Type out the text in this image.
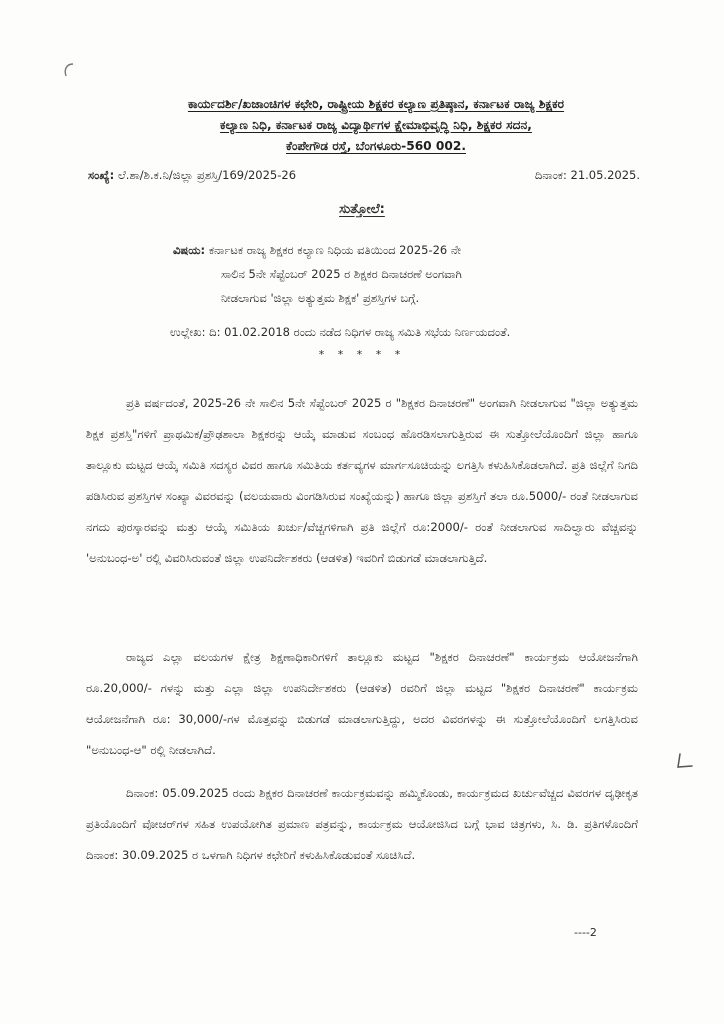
ಕಾರ್ಯದರ್ಶಿ/ಖಜಾಂಚಿಗಳ ಕಛೇರಿ, ರಾಷ್ಟ್ರೀಯ ಶಿಕ್ಷಕರ ಕಲ್ಯಾಣ ಪ್ರತಿಷ್ಠಾನ, ಕರ್ನಾಟಕ ರಾಜ್ಯ ಶಿಕ್ಷಕರ
ಕಲ್ಯಾಣ ನಿಧಿ, ಕರ್ನಾಟಕ ರಾಜ್ಯ ವಿದ್ಯಾರ್ಥಿಗಳ ಕ್ಷೇಮಾಭಿವೃದ್ಧಿ ನಿಧಿ, ಶಿಕ್ಷಕರ ಸದನ,
ಕೆಂಪೇಗೌಡ ರಸ್ತೆ, ಬೆಂಗಳೂರು-560 002.
ಸಂಖ್ಯೆ: ಲೆ.ಶಾ/ಶಿ.ಕ.ನಿ/ಜಿಲ್ಲಾ ಪ್ರಶಸ್ತಿ/169/2025-26	ದಿನಾಂಕ: 21.05.2025.
ಸುತ್ತೋಲೆ:
ವಿಷಯ: ಕರ್ನಾಟಕ ರಾಜ್ಯ ಶಿಕ್ಷಕರ ಕಲ್ಯಾಣ ನಿಧಿಯ ವತಿಯಿಂದ 2025-26 ನೇ
ಸಾಲಿನ 5ನೇ ಸೆಪ್ಟೆಂಬರ್ 2025 ರ ಶಿಕ್ಷಕರ ದಿನಾಚರಣೆ ಅಂಗವಾಗಿ
ನೀಡಲಾಗುವ 'ಜಿಲ್ಲಾ ಅತ್ಯುತ್ತಮ ಶಿಕ್ಷಕ' ಪ್ರಶಸ್ತಿಗಳ ಬಗ್ಗೆ.
ಉಲ್ಲೇಖ: ದಿ: 01.02.2018 ರಂದು ನಡೆದ ನಿಧಿಗಳ ರಾಜ್ಯ ಸಮಿತಿ ಸಭೆಯ ನಿರ್ಣಯದಂತೆ.
* * * * *

ಪ್ರತಿ ವರ್ಷದಂತೆ, 2025-26 ನೇ ಸಾಲಿನ 5ನೇ ಸೆಪ್ಟೆಂಬರ್ 2025 ರ "ಶಿಕ್ಷಕರ ದಿನಾಚರಣೆ" ಅಂಗವಾಗಿ ನೀಡಲಾಗುವ "ಜಿಲ್ಲಾ ಅತ್ಯುತ್ತಮ ಶಿಕ್ಷಕ ಪ್ರಶಸ್ತಿ"ಗಳಿಗೆ ಪ್ರಾಥಮಿಕ/ಪ್ರೌಢಶಾಲಾ ಶಿಕ್ಷಕರನ್ನು ಆಯ್ಕೆ ಮಾಡುವ ಸಂಬಂಧ ಹೊರಡಿಸಲಾಗುತ್ತಿರುವ ಈ ಸುತ್ತೋಲೆಯೊಂದಿಗೆ ಜಿಲ್ಲಾ ಹಾಗೂ ತಾಲ್ಲೂಕು ಮಟ್ಟದ ಆಯ್ಕೆ ಸಮಿತಿ ಸದಸ್ಯರ ವಿವರ ಹಾಗೂ ಸಮಿತಿಯ ಕರ್ತವ್ಯಗಳ ಮಾರ್ಗಸೂಚಿಯನ್ನು ಲಗತ್ತಿಸಿ ಕಳುಹಿಸಿಕೊಡಲಾಗಿದೆ. ಪ್ರತಿ ಜಿಲ್ಲೆಗೆ ನಿಗದಿ ಪಡಿಸಿರುವ ಪ್ರಶಸ್ತಿಗಳ ಸಂಖ್ಯಾ ವಿವರವನ್ನು (ವಲಯವಾರು ವಿಂಗಡಿಸಿರುವ ಸಂಖ್ಯೆಯನ್ನು) ಹಾಗೂ ಜಿಲ್ಲಾ ಪ್ರಶಸ್ತಿಗೆ ತಲಾ ರೂ.5000/- ರಂತೆ ನೀಡಲಾಗುವ ನಗದು ಪುರಸ್ಕಾರವನ್ನು ಮತ್ತು ಆಯ್ಕೆ ಸಮಿತಿಯ ಖರ್ಚು/ವೆಚ್ಚಗಳಿಗಾಗಿ ಪ್ರತಿ ಜಿಲ್ಲೆಗೆ ರೂ:2000/- ರಂತೆ ನೀಡಲಾಗುವ ಸಾದಿಲ್ವಾರು ವೆಚ್ಚವನ್ನು 'ಅನುಬಂಧ-ಅ' ರಲ್ಲಿ ವಿವರಿಸಿರುವಂತೆ ಜಿಲ್ಲಾ ಉಪನಿರ್ದೇಶಕರು (ಆಡಳಿತ) ಇವರಿಗೆ ಬಿಡುಗಡೆ ಮಾಡಲಾಗುತ್ತಿದೆ.

ರಾಜ್ಯದ ಎಲ್ಲಾ ವಲಯಗಳ ಕ್ಷೇತ್ರ ಶಿಕ್ಷಣಾಧಿಕಾರಿಗಳಿಗೆ ತಾಲ್ಲೂಕು ಮಟ್ಟದ "ಶಿಕ್ಷಕರ ದಿನಾಚರಣೆ" ಕಾರ್ಯಕ್ರಮ ಆಯೋಜನೆಗಾಗಿ ರೂ.20,000/- ಗಳನ್ನು ಮತ್ತು ಎಲ್ಲಾ ಜಿಲ್ಲಾ ಉಪನಿರ್ದೇಶಕರು (ಆಡಳಿತ) ರವರಿಗೆ ಜಿಲ್ಲಾ ಮಟ್ಟದ "ಶಿಕ್ಷಕರ ದಿನಾಚರಣೆ" ಕಾರ್ಯಕ್ರಮ ಆಯೋಜನೆಗಾಗಿ ರೂ: 30,000/-ಗಳ ಮೊತ್ತವನ್ನು ಬಿಡುಗಡೆ ಮಾಡಲಾಗುತ್ತಿದ್ದು, ಅದರ ವಿವರಗಳನ್ನು ಈ ಸುತ್ತೋಲೆಯೊಂದಿಗೆ ಲಗತ್ತಿಸಿರುವ "ಅನುಬಂಧ-ಆ" ರಲ್ಲಿ ನೀಡಲಾಗಿದೆ.

ದಿನಾಂಕ: 05.09.2025 ರಂದು ಶಿಕ್ಷಕರ ದಿನಾಚರಣೆ ಕಾರ್ಯಕ್ರಮವನ್ನು ಹಮ್ಮಿಕೊಂಡು, ಕಾರ್ಯಕ್ರಮದ ಖರ್ಚುವೆಚ್ಚದ ವಿವರಗಳ ದೃಢೀಕೃತ ಪ್ರತಿಯೊಂದಿಗೆ ವೋಚರ್‌ಗಳ ಸಹಿತ ಉಪಯೋಗಿತ ಪ್ರಮಾಣ ಪತ್ರವನ್ನು, ಕಾರ್ಯಕ್ರಮ ಆಯೋಜಿಸಿದ ಬಗ್ಗೆ ಭಾವ ಚಿತ್ರಗಳು, ಸಿ. ಡಿ. ಪ್ರತಿಗಳೊಂದಿಗೆ ದಿನಾಂಕ: 30.09.2025 ರ ಒಳಗಾಗಿ ನಿಧಿಗಳ ಕಛೇರಿಗೆ ಕಳುಹಿಸಿಕೊಡುವಂತೆ ಸೂಚಿಸಿದೆ.

----2
